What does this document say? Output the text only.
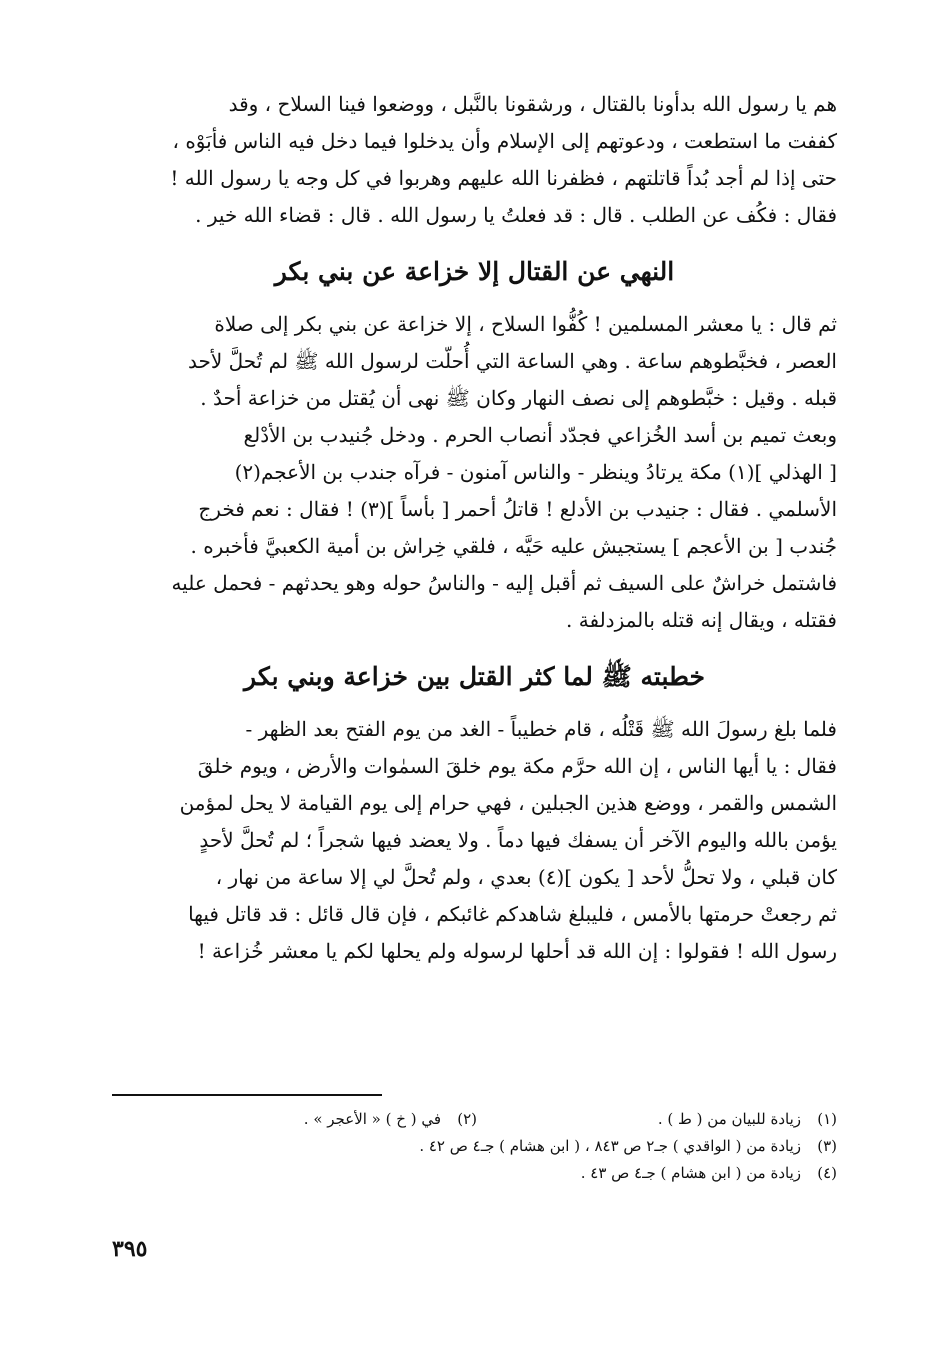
هم يا رسول الله بدأونا بالقتال ، ورشقونا بالنَّبل ، ووضعوا فينا السلاح ، وقد

كففت ما استطعت ، ودعوتهم إلى الإسلام وأن يدخلوا فيما دخل فيه الناس فأبَوْه ،

حتى إذا لم أجد بُداً قاتلتهم ، فظفرنا الله عليهم وهربوا في كل وجه يا رسول الله !

فقال : فكُف عن الطلب . قال : قد فعلتُ يا رسول الله . قال : قضاء الله خير .

النهي عن القتال إلا خزاعة عن بني بكر

ثم قال : يا معشر المسلمين ! كُفُّوا السلاح ، إلا خزاعة عن بني بكر إلى صلاة

العصر ، فخبَّطوهم ساعة . وهي الساعة التي أُحلّت لرسول الله ﷺ لم تُحلَّ لأحد

قبله . وقيل : خبَّطوهم إلى نصف النهار وكان ﷺ نهى أن يُقتل من خزاعة أحدٌ .

وبعث تميم بن أسد الخُزاعي فجدّد أنصاب الحرم . ودخل جُنيدب بن الأدْلع

[ الهذلي ](١) مكة يرتادُ وينظر - والناس آمنون - فرآه جندب بن الأعجم(٢)

الأسلمي . فقال : جنيدب بن الأدلع ! قاتلُ أحمر [ بأساً ](٣) ! فقال : نعم فخرج

جُندب [ بن الأعجم ] يستجيش عليه حَيَّه ، فلقي خِراش بن أمية الكعبيَّ فأخبره .

فاشتمل خراشٌ على السيف ثم أقبل إليه - والناسُ حوله وهو يحدثهم - فحمل عليه

فقتله ، ويقال إنه قتله بالمزدلفة .

خطبته ﷺ لما كثر القتل بين خزاعة وبني بكر

فلما بلغ رسولَ الله ﷺ قَتْلُه ، قام خطيباً - الغد من يوم الفتح بعد الظهر -

فقال : يا أيها الناس ، إن الله حرَّم مكة يوم خلقَ السمٰوات والأرض ، ويوم خلقَ

الشمس والقمر ، ووضع هذين الجبلين ، فهي حرام إلى يوم القيامة لا يحل لمؤمن

يؤمن بالله واليوم الآخر أن يسفك فيها دماً . ولا يعضد فيها شجراً ؛ لم تُحلَّ لأحدٍ

كان قبلي ، ولا تحلُّ لأحد [ يكون ](٤) بعدي ، ولم تُحلَّ لي إلا ساعة من نهار ،

ثم رجعتْ حرمتها بالأمس ، فليبلغ شاهدكم غائبكم ، فإن قال قائل : قد قاتل فيها

رسول الله ! فقولوا : إن الله قد أحلها لرسوله ولم يحلها لكم يا معشر خُزاعة !

(١)
زيادة للبيان من ( ط ) .
(٢)
في ( خ ) « الأعجر » .
(٣)
زيادة من ( الواقدي ) جـ٢ ص ٨٤٣ ، ( ابن هشام ) جـ٤ ص ٤٢ .
(٤)
زيادة من ( ابن هشام ) جـ٤ ص ٤٣ .
٣٩٥
